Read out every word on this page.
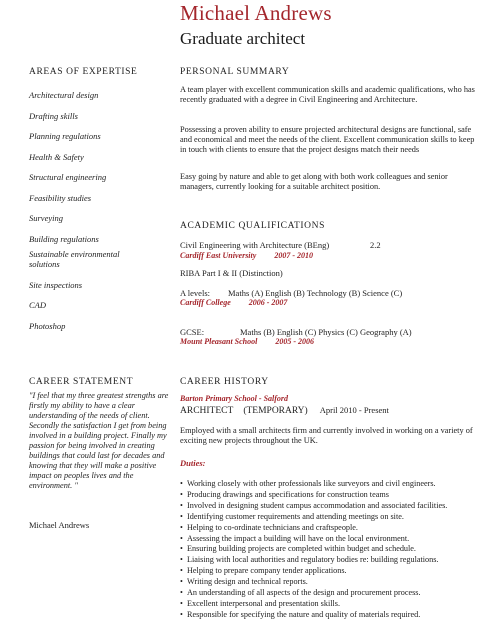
Michael Andrews
Graduate architect
AREAS OF EXPERTISE
Architectural design
Drafting skills
Planning regulations
Health & Safety
Structural engineering
Feasibility studies
Surveying
Building regulations
Sustainable environmental solutions
Site inspections
CAD
Photoshop
CAREER STATEMENT
"I feel that my three greatest strengths are firstly my ability to have a clear understanding of the needs of client. Secondly the satisfaction I get from being involved in a building project. Finally my passion for being involved in creating buildings that could last for decades and knowing that they will make a positive impact on peoples lives and the environment. "
Michael Andrews
PERSONAL SUMMARY

A team player with excellent communication skills and academic qualifications, who has recently graduated with a degree in Civil Engineering and Architecture.

Possessing a proven ability to ensure projected architectural designs are functional, safe and economical and meet the needs of the client. Excellent communication skills to keep in touch with clients to ensure that the project designs match their needs

Easy going by nature and able to get along with both work colleagues and senior managers, currently looking for a suitable architect position.

ACADEMIC QUALIFICATIONS
Civil Engineering with Architecture (BEng)	2.2
Cardiff East University 2007 - 2010
RIBA Part I & II (Distinction)
A levels: Maths (A) English (B) Technology (B) Science (C)
Cardiff College 2006 - 2007
GCSE:	Maths (B) English (C) Physics (C) Geography (A)
Mount Pleasant School 2005 - 2006
CAREER HISTORY
Barton Primary School - Salford
ARCHITECT (TEMPORARY) April 2010 - Present

Employed with a small architects firm and currently involved in working on a variety of exciting new projects throughout the UK.

Duties:
• Working closely with other professionals like surveyors and civil engineers.
• Producing drawings and specifications for construction teams
• Involved in designing student campus accommodation and associated facilities.
• Identifying customer requirements and attending meetings on site.
• Helping to co-ordinate technicians and craftspeople.
• Assessing the impact a building will have on the local environment.
• Ensuring building projects are completed within budget and schedule.
• Liaising with local authorities and regulatory bodies re: building regulations.
• Helping to prepare company tender applications.
• Writing design and technical reports.
• An understanding of all aspects of the design and procurement process.
• Excellent interpersonal and presentation skills.
• Responsible for specifying the nature and quality of materials required.
